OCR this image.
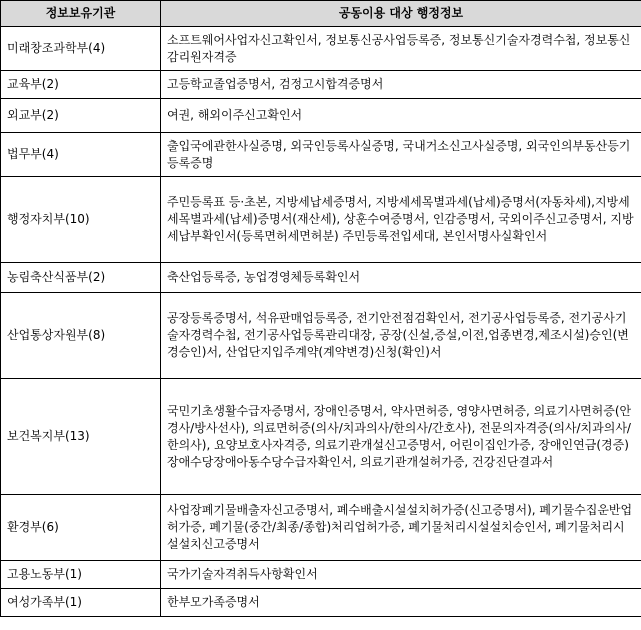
정보보유기관	공동이용 대상 행정정보
미래창조과학부(4)	소프트웨어사업자신고확인서, 정보통신공사업등록증, 정보통신기술자경력수첩, 정보통신감리원자격증
교육부(2)	고등학교졸업증명서, 검정고시합격증명서
외교부(2)	여권, 해외이주신고확인서
법무부(4)	출입국에관한사실증명, 외국인등록사실증명, 국내거소신고사실증명, 외국인의부동산등기등록증명
행정자치부(10)	주민등록표 등·초본, 지방세납세증명서, 지방세세목별과세(납세)증명서(자동차세),지방세세목별과세(납세)증명서(재산세), 상훈수여증명서, 인감증명서, 국외이주신고증명서, 지방세납부확인서(등록면허세면허분) 주민등록전입세대, 본인서명사실확인서
농림축산식품부(2)	축산업등록증, 농업경영체등록확인서
산업통상자원부(8)	공장등록증명서, 석유판매업등록증, 전기안전점검확인서, 전기공사업등록증, 전기공사기술자경력수첩, 전기공사업등록관리대장, 공장(신설,증설,이전,업종변경,제조시설)승인(변경승인)서, 산업단지입주계약(계약변경)신청(확인)서
보건복지부(13)	국민기초생활수급자증명서, 장애인증명서, 약사면허증, 영양사면허증, 의료기사면허증(안경사/방사선사), 의료면허증(의사/치과의사/한의사/간호사), 전문의자격증(의사/치과의사/한의사), 요양보호사자격증, 의료기관개설신고증명서, 어린이집인가증, 장애인연금(경증)장애수당장애아동수당수급자확인서, 의료기관개설허가증, 건강진단결과서
환경부(6)	사업장폐기물배출자신고증명서, 폐수배출시설설치허가증(신고증명서), 폐기물수집운반업허가증, 폐기물(중간/최종/종합)처리업허가증, 폐기물처리시설설치승인서, 폐기물처리시설설치신고증명서
고용노동부(1)	국가기술자격취득사항확인서
여성가족부(1)	한부모가족증명서
